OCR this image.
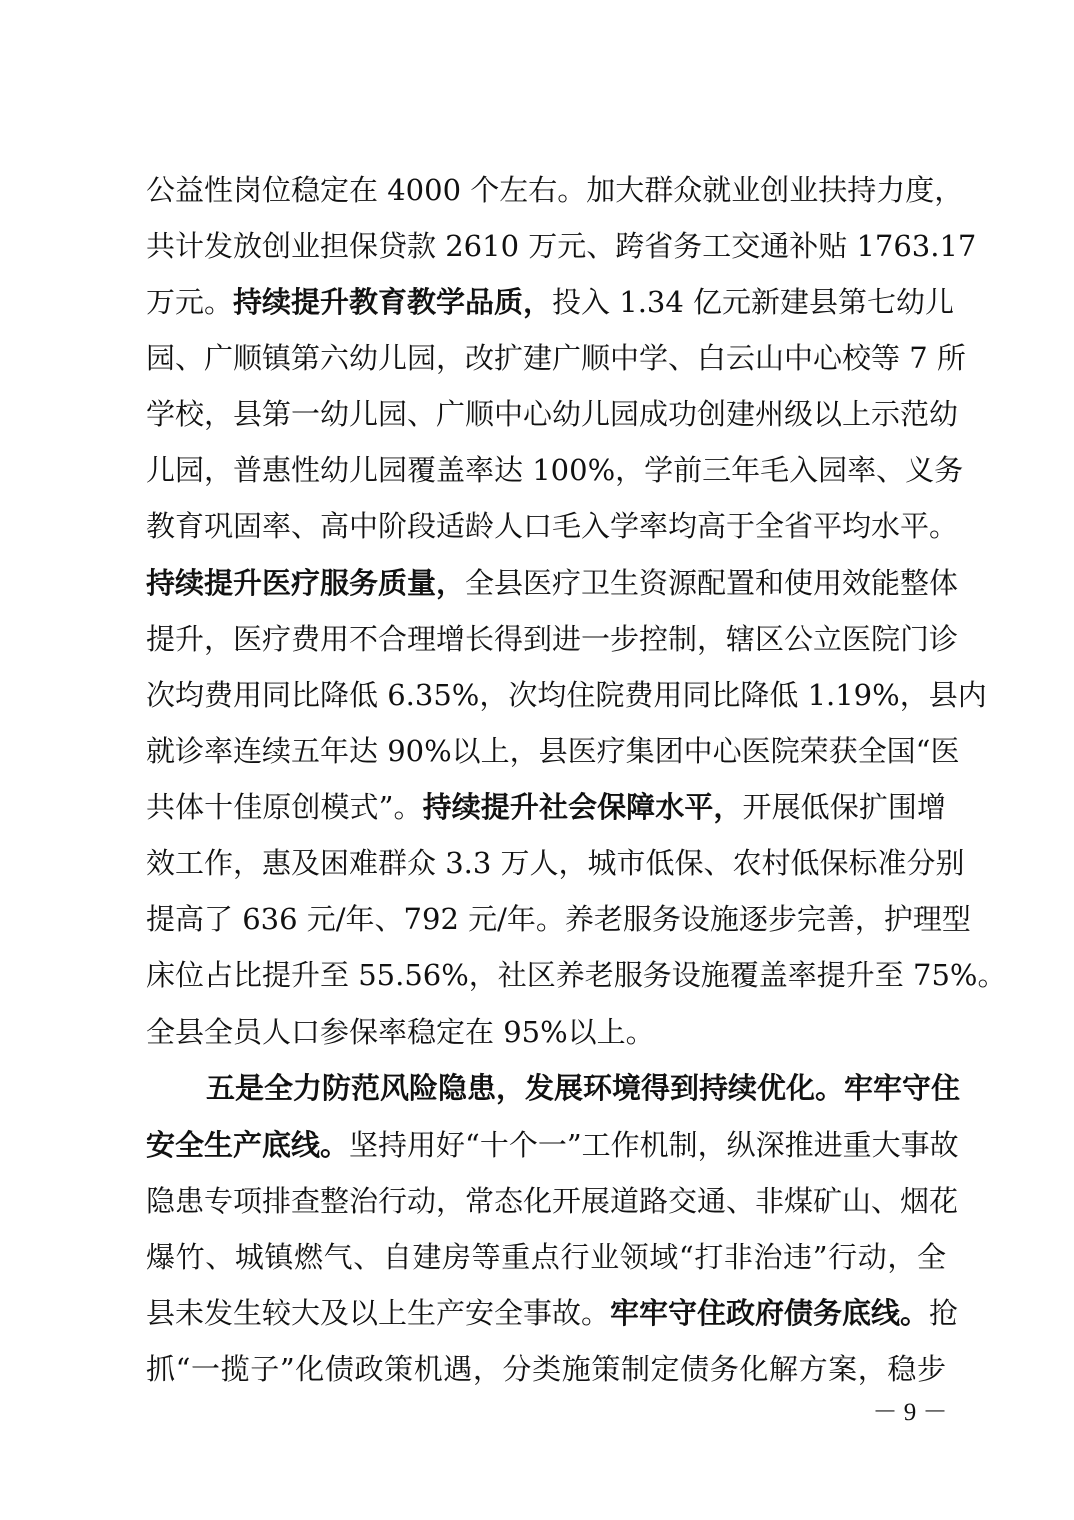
公益性岗位稳定在 4000 个左右。加大群众就业创业扶持力度，
共计发放创业担保贷款 2610 万元、跨省务工交通补贴 1763.17
万元。持续提升教育教学品质，投入 1.34 亿元新建县第七幼儿
园、广顺镇第六幼儿园，改扩建广顺中学、白云山中心校等 7 所
学校，县第一幼儿园、广顺中心幼儿园成功创建州级以上示范幼
儿园，普惠性幼儿园覆盖率达 100%，学前三年毛入园率、义务
教育巩固率、高中阶段适龄人口毛入学率均高于全省平均水平。
持续提升医疗服务质量，全县医疗卫生资源配置和使用效能整体
提升，医疗费用不合理增长得到进一步控制，辖区公立医院门诊
次均费用同比降低 6.35%，次均住院费用同比降低 1.19%，县内
就诊率连续五年达 90%以上，县医疗集团中心医院荣获全国“医
共体十佳原创模式”。持续提升社会保障水平，开展低保扩围增
效工作，惠及困难群众 3.3 万人，城市低保、农村低保标准分别
提高了 636 元/年、792 元/年。养老服务设施逐步完善，护理型
床位占比提升至 55.56%，社区养老服务设施覆盖率提升至 75%。
全县全员人口参保率稳定在 95%以上。
五是全力防范风险隐患，发展环境得到持续优化。牢牢守住
安全生产底线。坚持用好“十个一”工作机制，纵深推进重大事故
隐患专项排查整治行动，常态化开展道路交通、非煤矿山、烟花
爆竹、城镇燃气、自建房等重点行业领域“打非治违”行动，全
县未发生较大及以上生产安全事故。牢牢守住政府债务底线。抢
抓“一揽子”化债政策机遇，分类施策制定债务化解方案，稳步
－ 9 －
